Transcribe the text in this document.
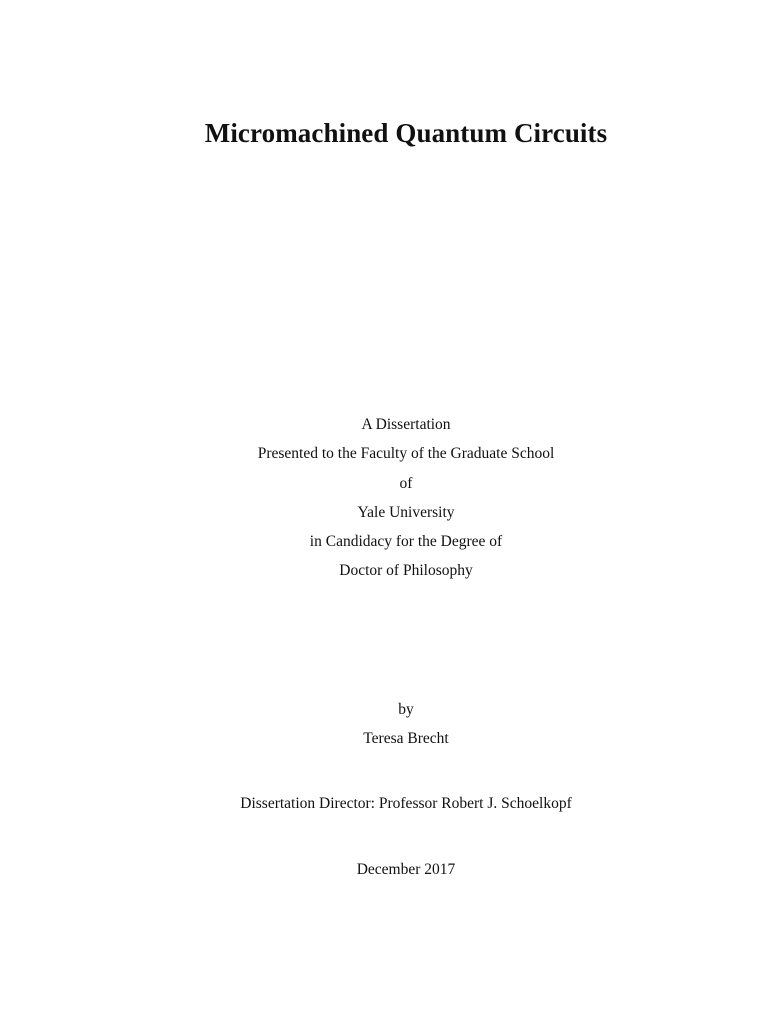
Micromachined Quantum Circuits
A Dissertation
Presented to the Faculty of the Graduate School
of
Yale University
in Candidacy for the Degree of
Doctor of Philosophy
by
Teresa Brecht
Dissertation Director: Professor Robert J. Schoelkopf
December 2017
